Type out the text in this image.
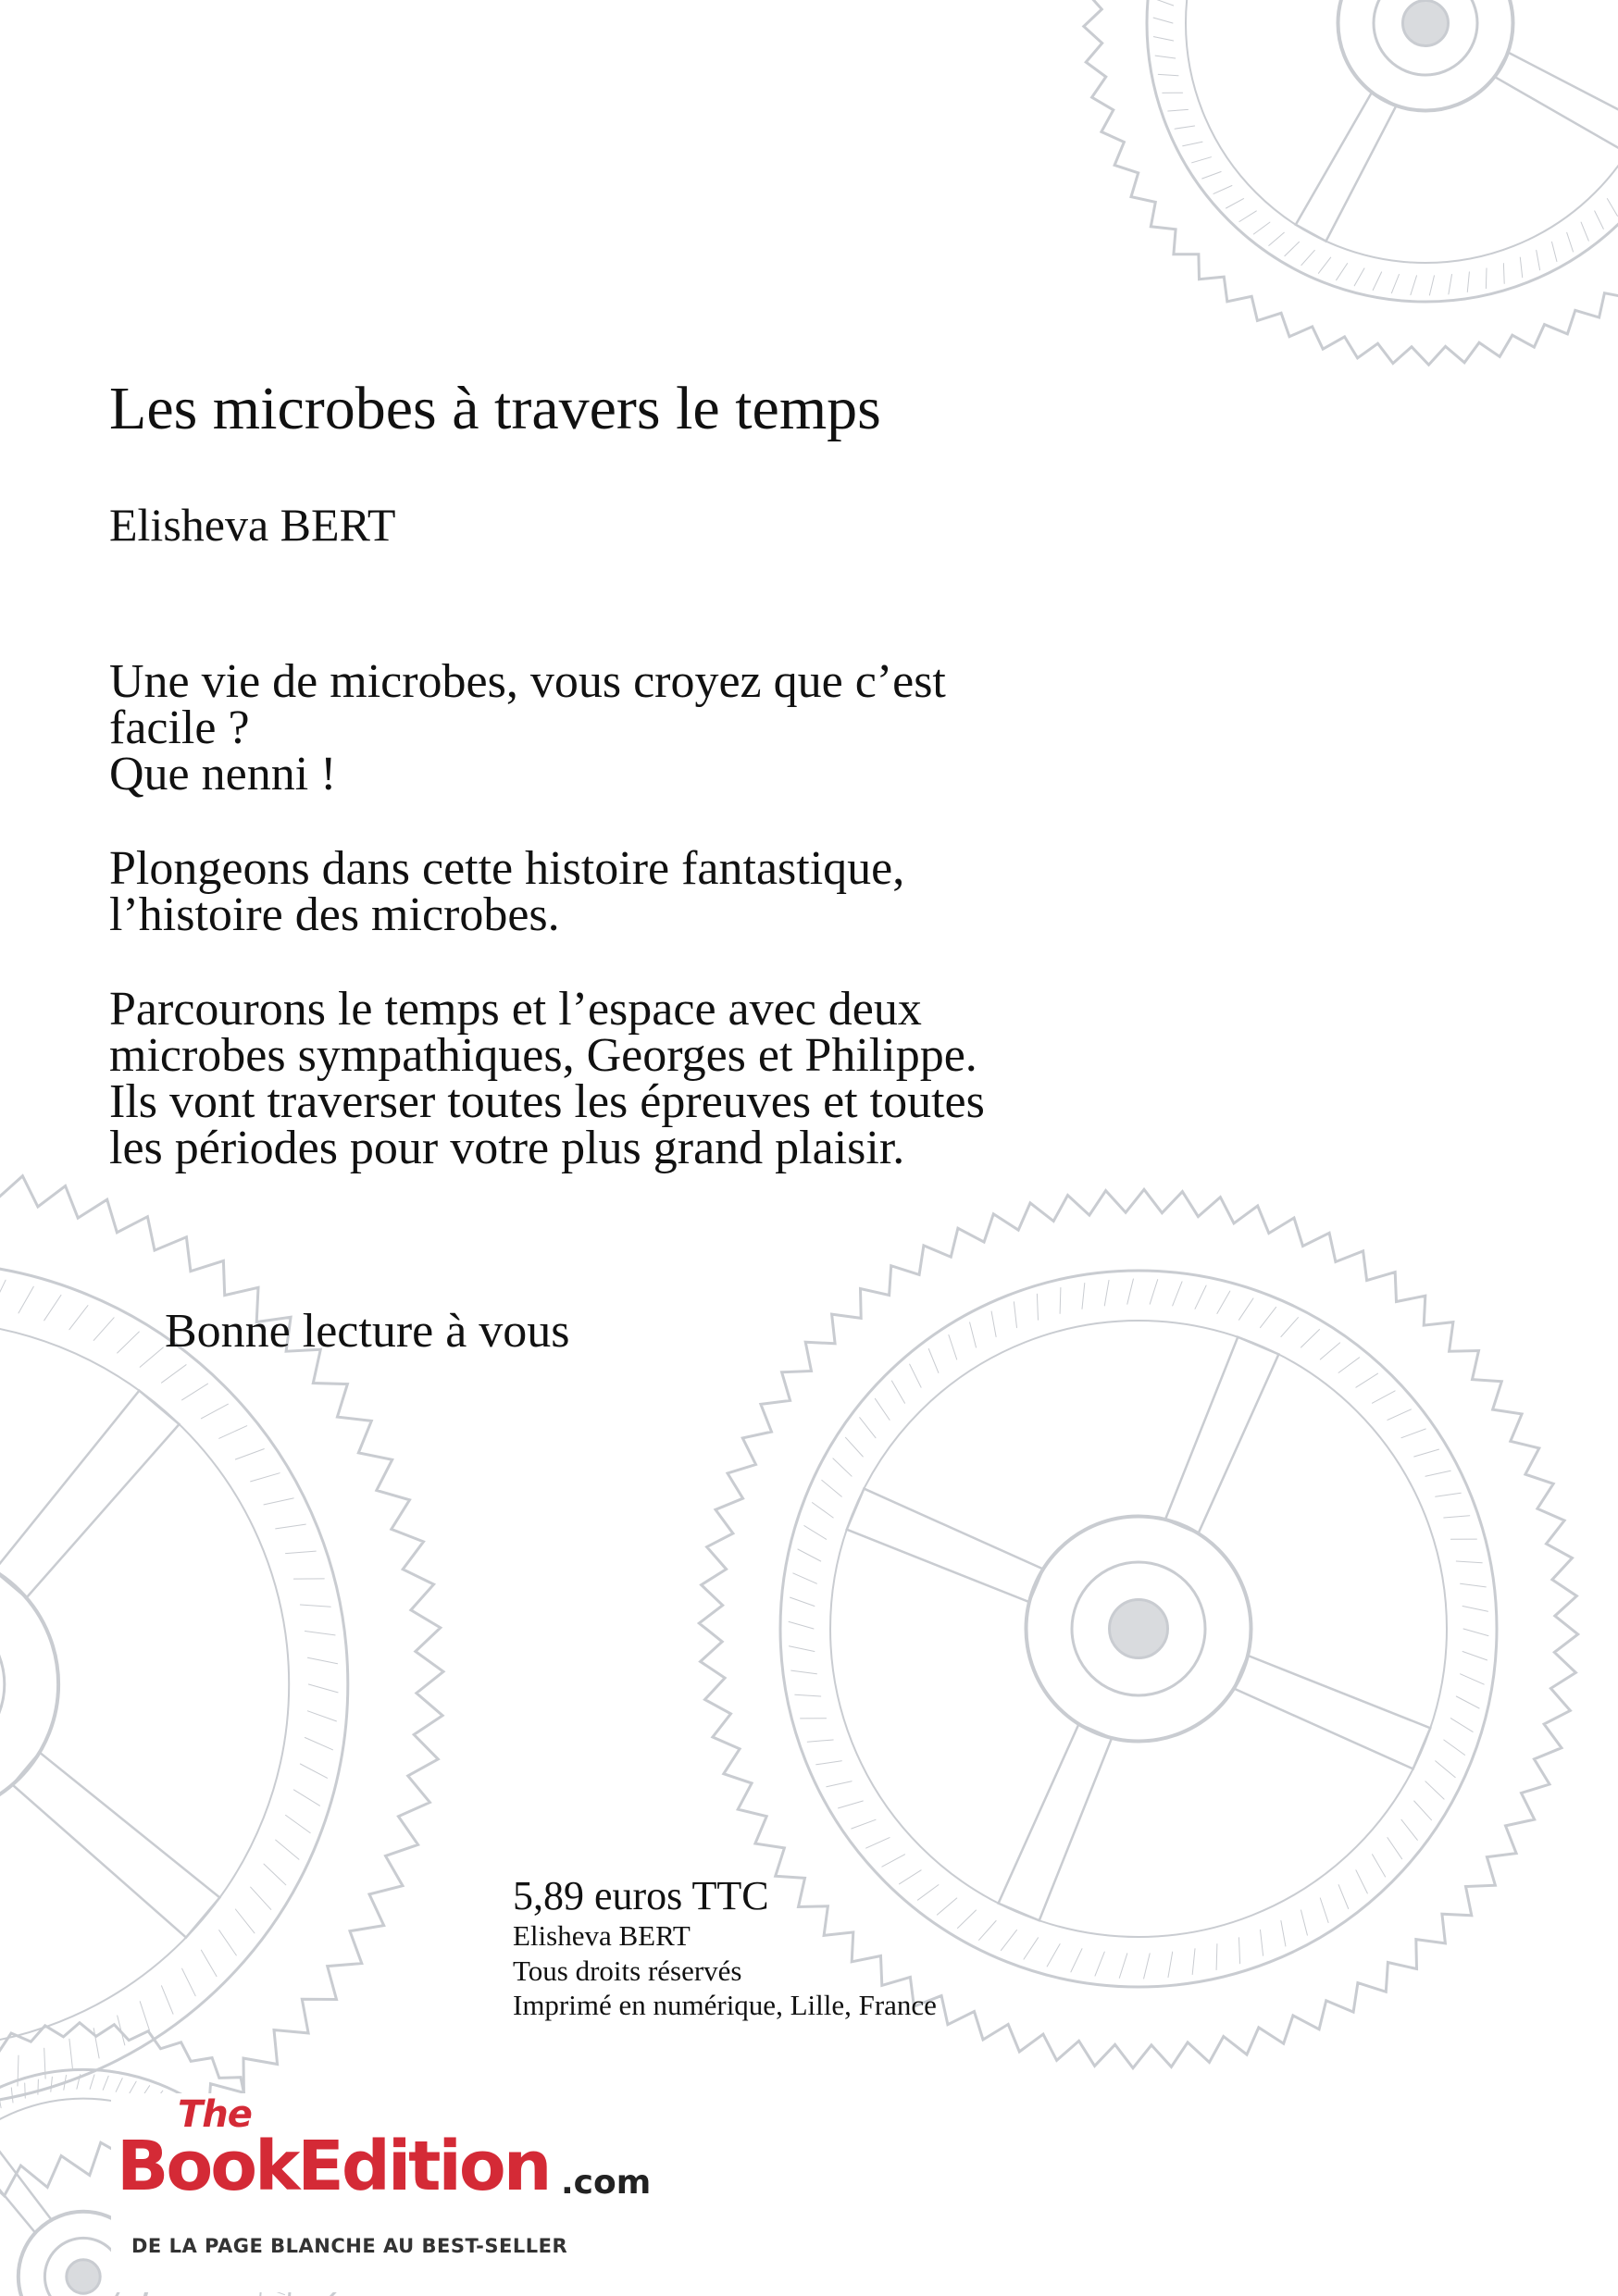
Les microbes à travers le temps
Elisheva BERT

Une vie de microbes, vous croyez que c’est
facile ?
Que nenni !

Plongeons dans cette histoire fantastique,
l’histoire des microbes.

Parcourons le temps et l’espace avec deux
microbes sympathiques, Georges et Philippe.
Ils vont traverser toutes les épreuves et toutes
les périodes pour votre plus grand plaisir.

Bonne lecture à vous
5,89 euros TTC
Elisheva BERT
Tous droits réservés
Imprimé en numérique, Lille, France
The
BookEdition .com
DE LA PAGE BLANCHE AU BEST-SELLER
